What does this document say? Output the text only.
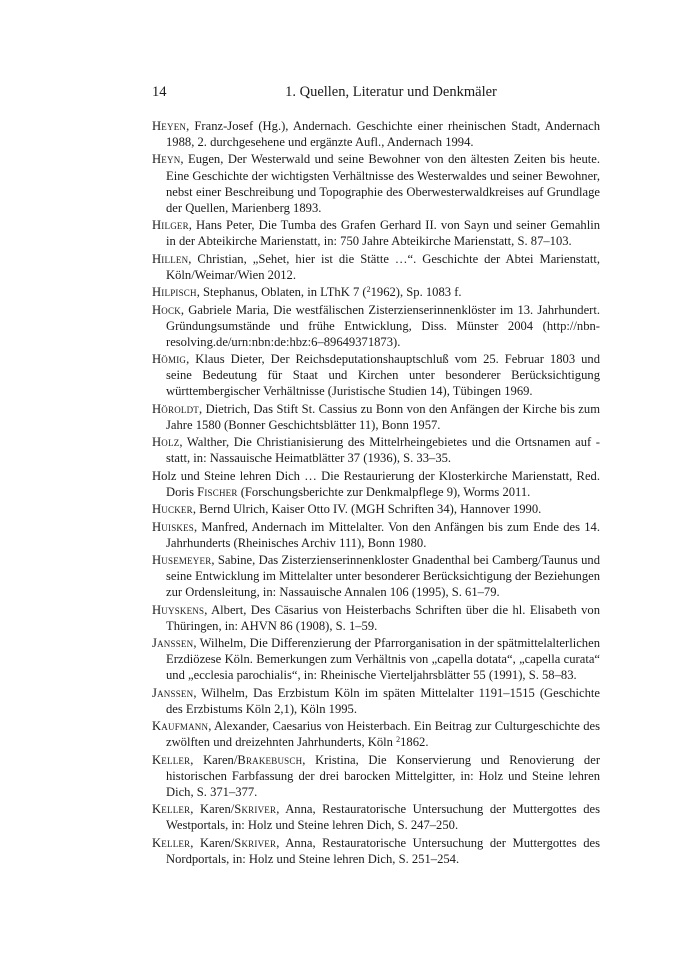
14	1. Quellen, Literatur und Denkmäler

Heyen, Franz-Josef (Hg.), Andernach. Geschichte einer rheinischen Stadt, Andernach 1988, 2. durchgesehene und ergänzte Aufl., Andernach 1994.

Heyn, Eugen, Der Westerwald und seine Bewohner von den ältesten Zeiten bis heute. Eine Geschichte der wichtigsten Verhältnisse des Westerwaldes und seiner Bewohner, nebst einer Beschreibung und Topographie des Oberwesterwaldkreises auf Grundlage der Quellen, Marienberg 1893.

Hilger, Hans Peter, Die Tumba des Grafen Gerhard II. von Sayn und seiner Gemahlin in der Abteikirche Marienstatt, in: 750 Jahre Abteikirche Marienstatt, S. 87–103.

Hillen, Christian, „Sehet, hier ist die Stätte …“. Geschichte der Abtei Marienstatt, Köln/Weimar/Wien 2012.

Hilpisch, Stephanus, Oblaten, in LThK 7 ($^2$1962), Sp. 1083 f.

Hock, Gabriele Maria, Die westfälischen Zisterzienserinnenklöster im 13. Jahrhundert. Gründungsumstände und frühe Entwicklung, Diss. Münster 2004 (http://nbn-resolving.de/urn:nbn:de:hbz:6–89649371873).

Hömig, Klaus Dieter, Der Reichsdeputationshauptschluß vom 25. Februar 1803 und seine Bedeutung für Staat und Kirchen unter besonderer Berücksichtigung württembergischer Verhältnisse (Juristische Studien 14), Tübingen 1969.

Höroldt, Dietrich, Das Stift St. Cassius zu Bonn von den Anfängen der Kirche bis zum Jahre 1580 (Bonner Geschichtsblätter 11), Bonn 1957.

Holz, Walther, Die Christianisierung des Mittelrheingebietes und die Ortsnamen auf -statt, in: Nassauische Heimatblätter 37 (1936), S. 33–35.

Holz und Steine lehren Dich … Die Restaurierung der Klosterkirche Marienstatt, Red. Doris Fischer (Forschungsberichte zur Denkmalpflege 9), Worms 2011.

Hucker, Bernd Ulrich, Kaiser Otto IV. (MGH Schriften 34), Hannover 1990.

Huiskes, Manfred, Andernach im Mittelalter. Von den Anfängen bis zum Ende des 14. Jahrhunderts (Rheinisches Archiv 111), Bonn 1980.

Husemeyer, Sabine, Das Zisterzienserinnenkloster Gnadenthal bei Camberg/Taunus und seine Entwicklung im Mittelalter unter besonderer Berücksichtigung der Beziehungen zur Ordensleitung, in: Nassauische Annalen 106 (1995), S. 61–79.

Huyskens, Albert, Des Cäsarius von Heisterbachs Schriften über die hl. Elisabeth von Thüringen, in: AHVN 86 (1908), S. 1–59.

Janssen, Wilhelm, Die Differenzierung der Pfarrorganisation in der spätmittelalterlichen Erzdiözese Köln. Bemerkungen zum Verhältnis von „capella dotata“, „capella curata“ und „ecclesia parochialis“, in: Rheinische Vierteljahrsblätter 55 (1991), S. 58–83.

Janssen, Wilhelm, Das Erzbistum Köln im späten Mittelalter 1191–1515 (Geschichte des Erzbistums Köln 2,1), Köln 1995.

Kaufmann, Alexander, Caesarius von Heisterbach. Ein Beitrag zur Culturgeschichte des zwölften und dreizehnten Jahrhunderts, Köln $^2$1862.

Keller, Karen/Brakebusch, Kristina, Die Konservierung und Renovierung der historischen Farbfassung der drei barocken Mittelgitter, in: Holz und Steine lehren Dich, S. 371–377.

Keller, Karen/Skriver, Anna, Restauratorische Untersuchung der Muttergottes des Westportals, in: Holz und Steine lehren Dich, S. 247–250.

Keller, Karen/Skriver, Anna, Restauratorische Untersuchung der Muttergottes des Nordportals, in: Holz und Steine lehren Dich, S. 251–254.
